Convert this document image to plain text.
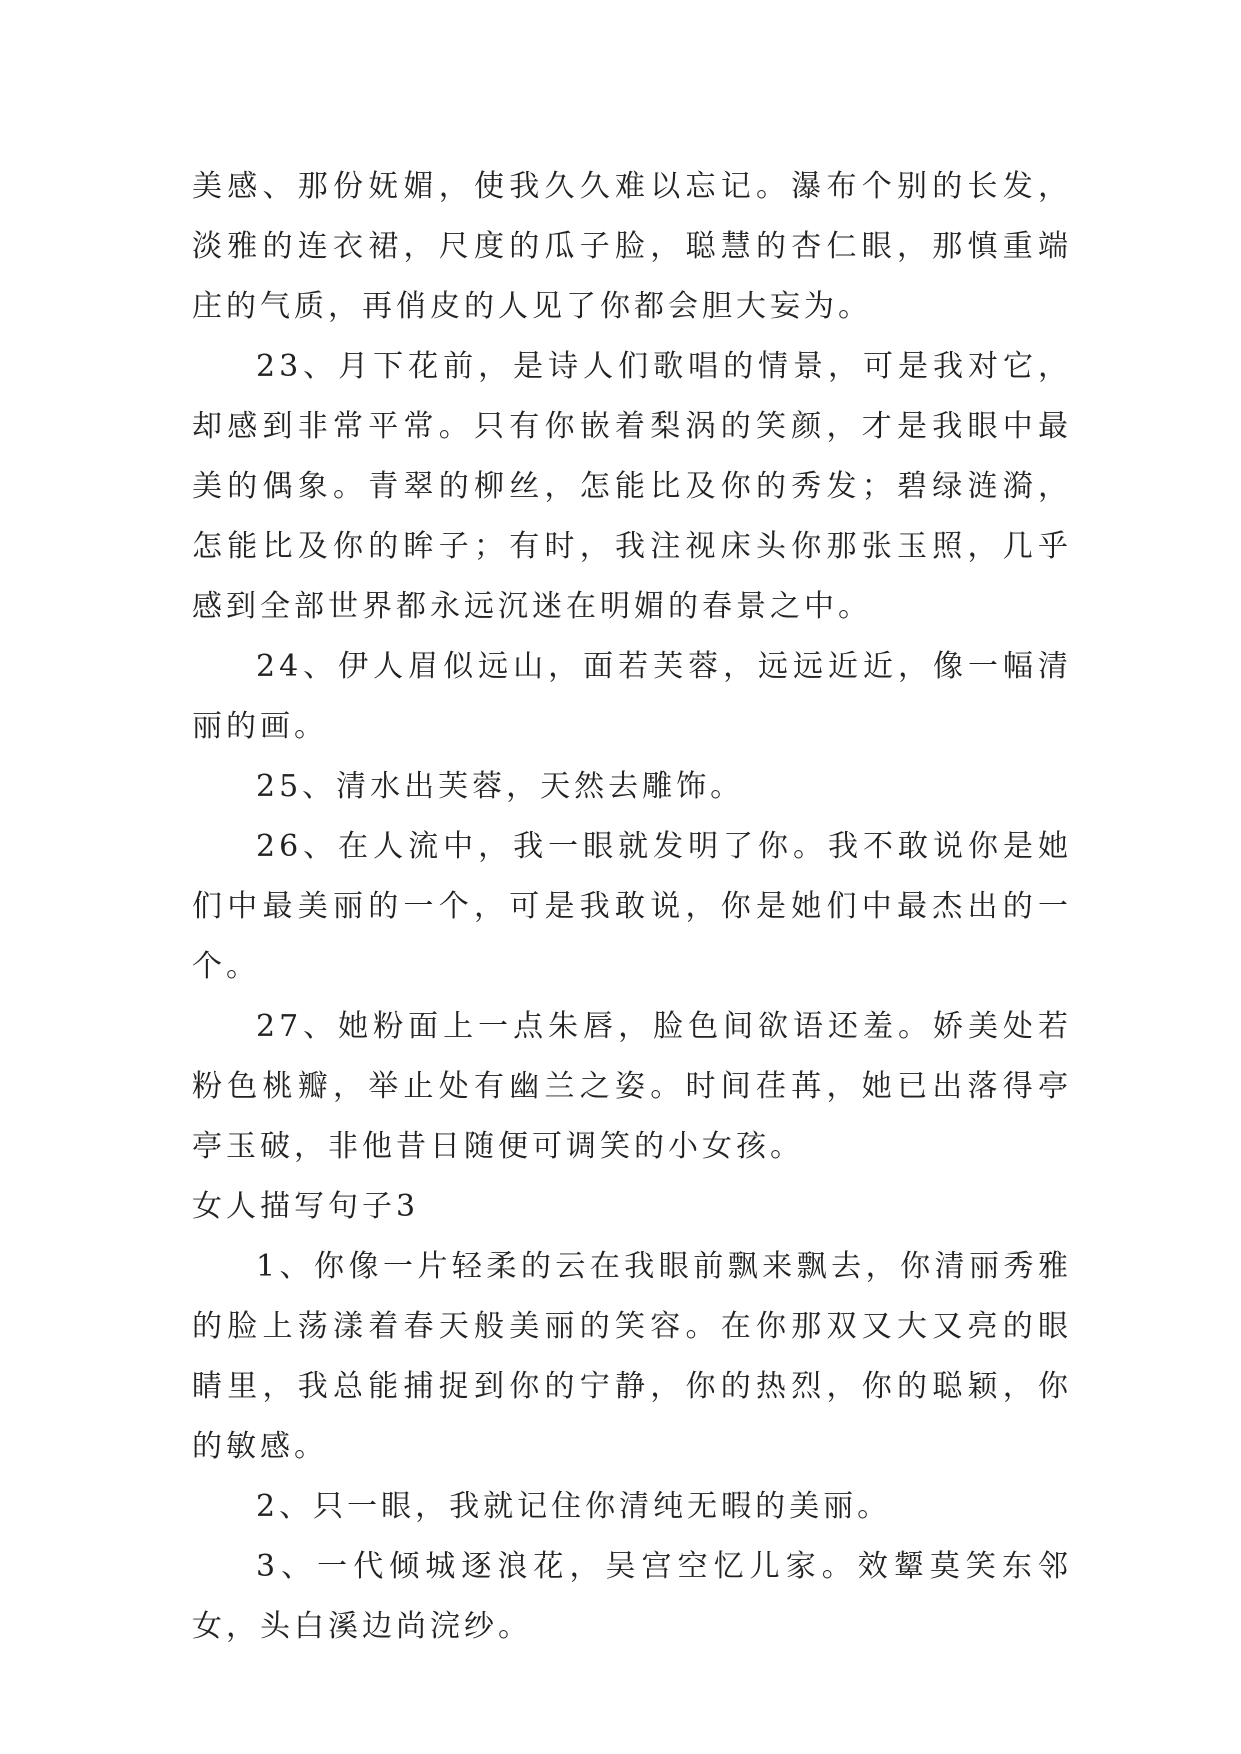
美感、那份妩媚，使我久久难以忘记。瀑布个别的长发，淡雅的连衣裙，尺度的瓜子脸，聪慧的杏仁眼，那慎重端庄的气质，再俏皮的人见了你都会胆大妄为。

23、月下花前，是诗人们歌唱的情景，可是我对它，却感到非常平常。只有你嵌着梨涡的笑颜，才是我眼中最美的偶象。青翠的柳丝，怎能比及你的秀发；碧绿涟漪，怎能比及你的眸子；有时，我注视床头你那张玉照，几乎感到全部世界都永远沉迷在明媚的春景之中。

24、伊人眉似远山，面若芙蓉，远远近近，像一幅清丽的画。

25、清水出芙蓉，天然去雕饰。

26、在人流中，我一眼就发明了你。我不敢说你是她们中最美丽的一个，可是我敢说，你是她们中最杰出的一个。

27、她粉面上一点朱唇，脸色间欲语还羞。娇美处若粉色桃瓣，举止处有幽兰之姿。时间荏苒，她已出落得亭亭玉破，非他昔日随便可调笑的小女孩。

女人描写句子3

1、你像一片轻柔的云在我眼前飘来飘去，你清丽秀雅的脸上荡漾着春天般美丽的笑容。在你那双又大又亮的眼睛里，我总能捕捉到你的宁静，你的热烈，你的聪颖，你的敏感。

2、只一眼，我就记住你清纯无暇的美丽。

3、一代倾城逐浪花，吴宫空忆儿家。效颦莫笑东邻女，头白溪边尚浣纱。
